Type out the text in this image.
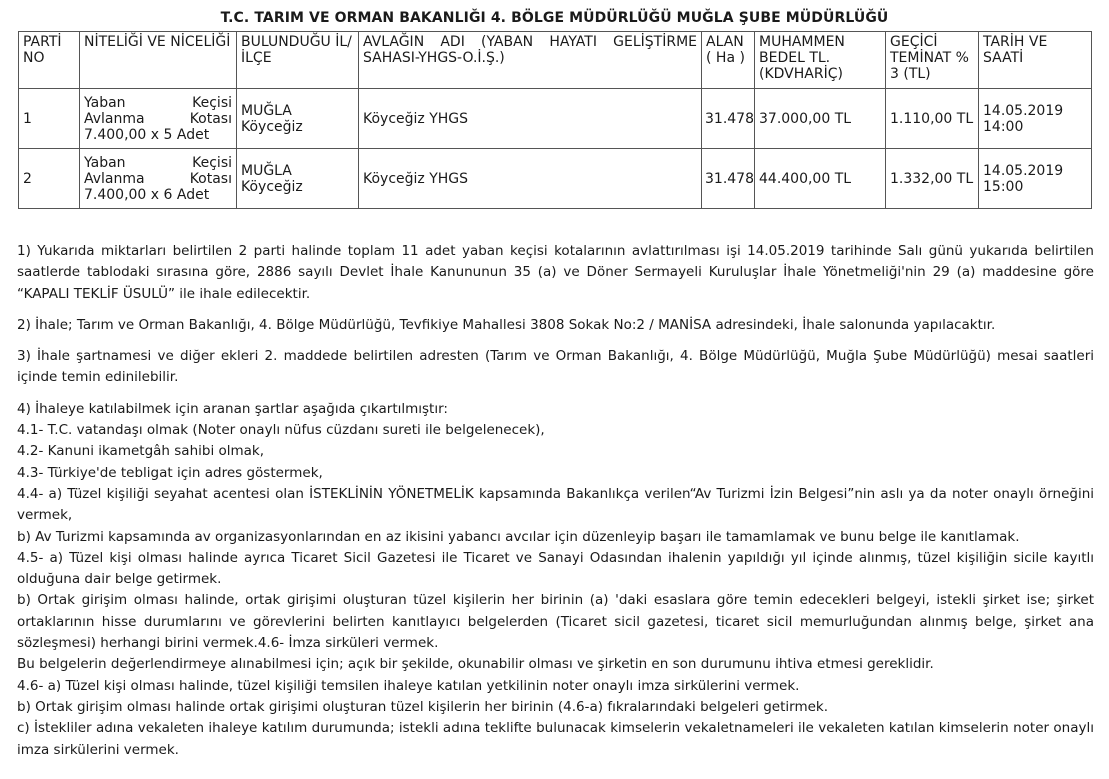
T.C. TARIM VE ORMAN BAKANLIĞI 4. BÖLGE MÜDÜRLÜĞÜ MUĞLA ŞUBE MÜDÜRLÜĞÜ
PARTİ NO	NİTELİĞİ VE NİCELİĞİ	BULUNDUĞU İL/İLÇE	AVLAĞIN ADI (YABAN HAYATI GELİŞTİRME SAHASI-YHGS-O.İ.Ş.)	ALAN ( Ha )	MUHAMMEN BEDEL TL. (KDVHARİÇ)	GEÇİCİ TEMİNAT % 3 (TL)	TARİH VE SAATİ
1	Yaban Keçisi Avlanma Kotası 7.400,00 x 5 Adet	MUĞLA Köyceğiz	Köyceğiz YHGS	31.478	37.000,00 TL	1.110,00 TL	14.05.2019 14:00
2	Yaban Keçisi Avlanma Kotası 7.400,00 x 6 Adet	MUĞLA Köyceğiz	Köyceğiz YHGS	31.478	44.400,00 TL	1.332,00 TL	14.05.2019 15:00

1) Yukarıda miktarları belirtilen 2 parti halinde toplam 11 adet yaban keçisi kotalarının avlattırılması işi 14.05.2019 tarihinde Salı günü yukarıda belirtilen saatlerde tablodaki sırasına göre, 2886 sayılı Devlet İhale Kanununun 35 (a) ve Döner Sermayeli Kuruluşlar İhale Yönetmeliği'nin 29 (a) maddesine göre “KAPALI TEKLİF ÜSULÜ” ile ihale edilecektir.

2) İhale; Tarım ve Orman Bakanlığı, 4. Bölge Müdürlüğü, Tevfikiye Mahallesi 3808 Sokak No:2 / MANİSA adresindeki, İhale salonunda yapılacaktır.

3) İhale şartnamesi ve diğer ekleri 2. maddede belirtilen adresten (Tarım ve Orman Bakanlığı, 4. Bölge Müdürlüğü, Muğla Şube Müdürlüğü) mesai saatleri içinde temin edinilebilir.

4) İhaleye katılabilmek için aranan şartlar aşağıda çıkartılmıştır:

4.1- T.C. vatandaşı olmak (Noter onaylı nüfus cüzdanı sureti ile belgelenecek),

4.2- Kanuni ikametgâh sahibi olmak,

4.3- Türkiye'de tebligat için adres göstermek,

4.4- a) Tüzel kişiliği seyahat acentesi olan İSTEKLİNİN YÖNETMELİK kapsamında Bakanlıkça verilen“Av Turizmi İzin Belgesi”nin aslı ya da noter onaylı örneğini vermek,

b) Av Turizmi kapsamında av organizasyonlarından en az ikisini yabancı avcılar için düzenleyip başarı ile tamamlamak ve bunu belge ile kanıtlamak.

4.5- a) Tüzel kişi olması halinde ayrıca Ticaret Sicil Gazetesi ile Ticaret ve Sanayi Odasından ihalenin yapıldığı yıl içinde alınmış, tüzel kişiliğin sicile kayıtlı olduğuna dair belge getirmek.

b) Ortak girişim olması halinde, ortak girişimi oluşturan tüzel kişilerin her birinin (a) 'daki esaslara göre temin edecekleri belgeyi, istekli şirket ise; şirket ortaklarının hisse durumlarını ve görevlerini belirten kanıtlayıcı belgelerden (Ticaret sicil gazetesi, ticaret sicil memurluğundan alınmış belge, şirket ana sözleşmesi) herhangi birini vermek.4.6- İmza sirküleri vermek.

Bu belgelerin değerlendirmeye alınabilmesi için; açık bir şekilde, okunabilir olması ve şirketin en son durumunu ihtiva etmesi gereklidir.

4.6- a) Tüzel kişi olması halinde, tüzel kişiliği temsilen ihaleye katılan yetkilinin noter onaylı imza sirkülerini vermek.

b) Ortak girişim olması halinde ortak girişimi oluşturan tüzel kişilerin her birinin (4.6-a) fıkralarındaki belgeleri getirmek.

c) İstekliler adına vekaleten ihaleye katılım durumunda; istekli adına teklifte bulunacak kimselerin vekaletnameleri ile vekaleten katılan kimselerin noter onaylı imza sirkülerini vermek.
